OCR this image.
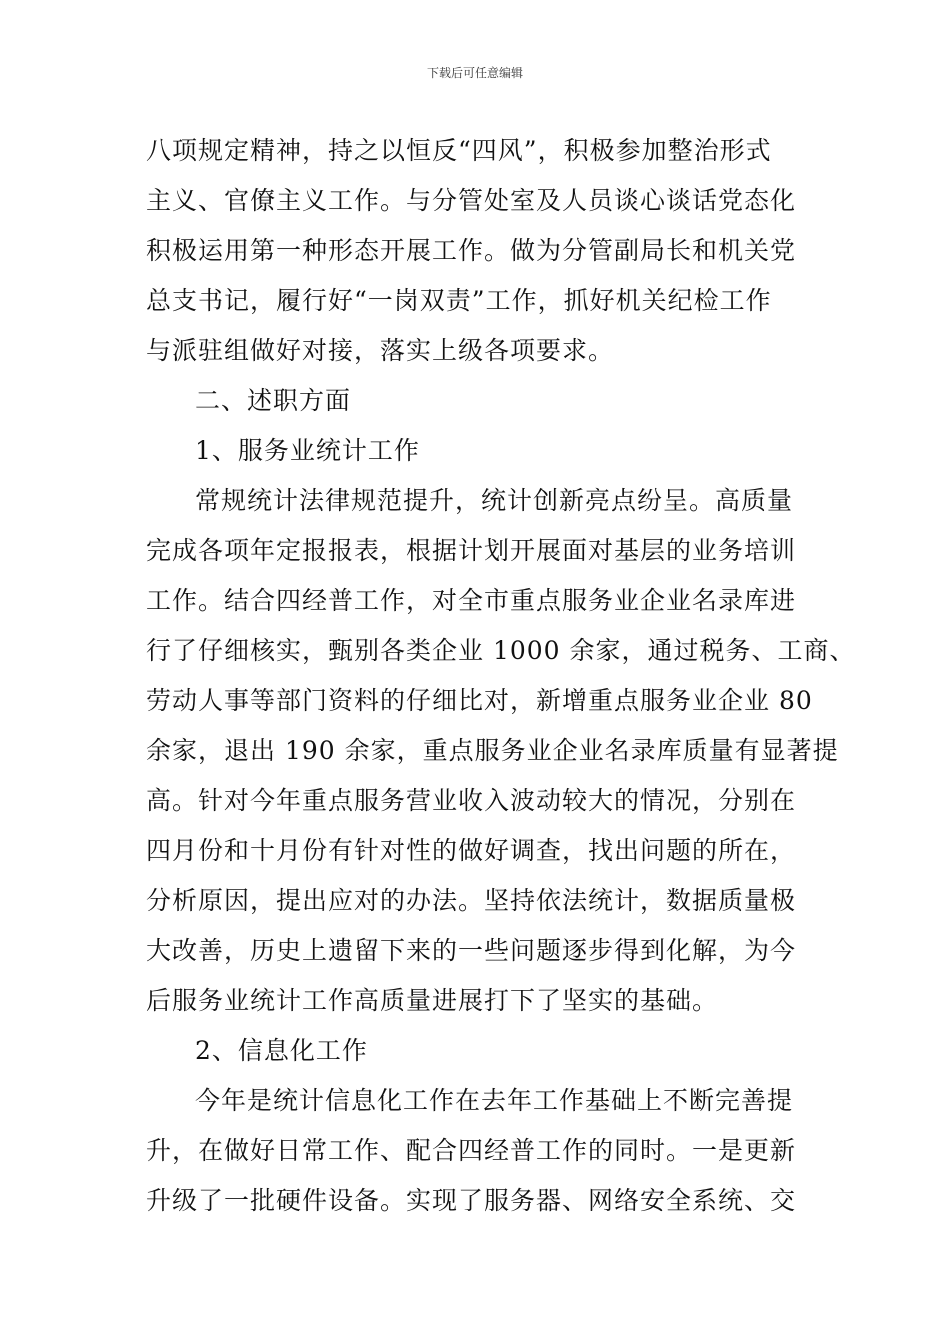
下载后可任意编辑
八项规定精神，持之以恒反“四风”，积极参加整治形式
主义、官僚主义工作。与分管处室及人员谈心谈话党态化
积极运用第一种形态开展工作。做为分管副局长和机关党
总支书记，履行好“一岗双责”工作，抓好机关纪检工作
与派驻组做好对接，落实上级各项要求。
二、述职方面
1、服务业统计工作
常规统计法律规范提升，统计创新亮点纷呈。高质量
完成各项年定报报表，根据计划开展面对基层的业务培训
工作。结合四经普工作，对全市重点服务业企业名录库进
行了仔细核实，甄别各类企业 1000 余家，通过税务、工商、
劳动人事等部门资料的仔细比对，新增重点服务业企业 80
余家，退出 190 余家，重点服务业企业名录库质量有显著提
高。针对今年重点服务营业收入波动较大的情况，分别在
四月份和十月份有针对性的做好调查，找出问题的所在，
分析原因，提出应对的办法。坚持依法统计，数据质量极
大改善，历史上遗留下来的一些问题逐步得到化解，为今
后服务业统计工作高质量进展打下了坚实的基础。
2、信息化工作
今年是统计信息化工作在去年工作基础上不断完善提
升，在做好日常工作、配合四经普工作的同时。一是更新
升级了一批硬件设备。实现了服务器、网络安全系统、交
